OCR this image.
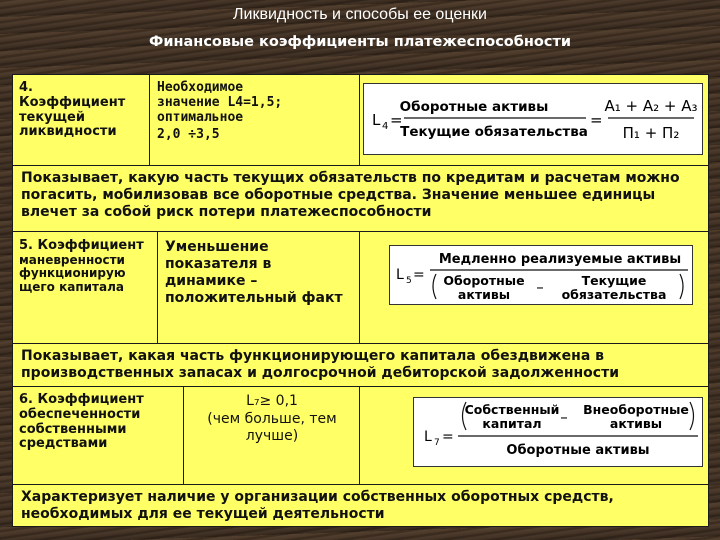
Ликвидность и способы ее оценки
Финансовые коэффициенты платежеспособности
4.
Коэффициент
текущей
ликвидности
Необходимое
значение L4=1,5;
оптимальное
2,0 ÷3,5
L 4 =
Оборотные активы
Текущие обязательства
=
A₁ + A₂ + A₃
П₁ + П₂
Показывает, какую часть текущих обязательств по кредитам и расчетам можно погасить, мобилизовав все оборотные средства. Значение меньшее единицы влечет за собой риск потери платежеспособности
5. Коэффициент
маневренности
функционирую
щего капитала
Уменьшение
показателя в
динамике –
положительный факт
L 5 =
Медленно реализуемые активы
Оборотные
активы –	Текущие
обязательства
Показывает, какая часть функционирующего капитала обездвижена в производственных запасах и долгосрочной дебиторской задолженности
6. Коэффициент
обеспеченности
собственными
средствами
L₇≥ 0,1
(чем больше, тем
лучше)	L 7 =
Собственный
капитал – Внеоборотные
активы
Оборотные активы
Характеризует наличие у организации собственных оборотных средств, необходимых для ее текущей деятельности
